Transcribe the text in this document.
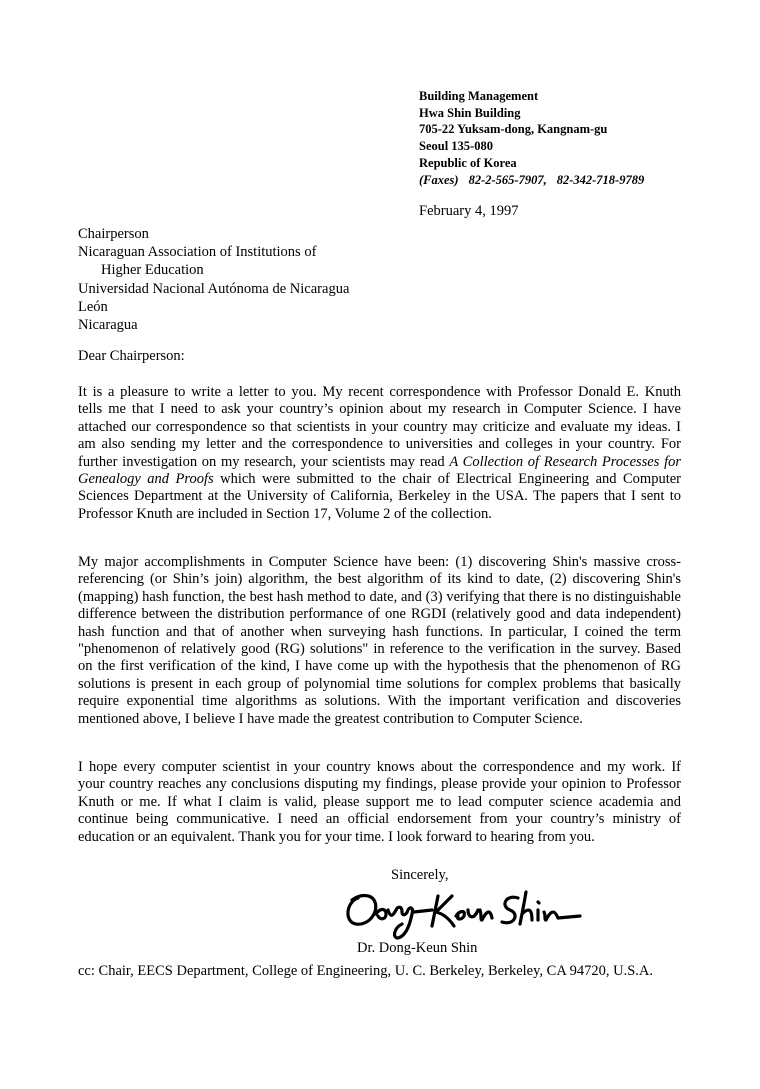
Building Management
Hwa Shin Building
705-22 Yuksam-dong, Kangnam-gu
Seoul 135-080
Republic of Korea
(Faxes) 82-2-565-7907, 82-342-718-9789
February 4, 1997
Chairperson
Nicaraguan Association of Institutions of
Higher Education
Universidad Nacional Autónoma de Nicaragua
León
Nicaragua
Dear Chairperson:
It is a pleasure to write a letter to you. My recent correspondence with Professor Donald E. Knuth
tells me that I need to ask your country’s opinion about my research in Computer Science. I have
attached our correspondence so that scientists in your country may criticize and evaluate my ideas. I
am also sending my letter and the correspondence to universities and colleges in your country. For
further investigation on my research, your scientists may read A Collection of Research Processes for
Genealogy and Proofs which were submitted to the chair of Electrical Engineering and Computer
Sciences Department at the University of California, Berkeley in the USA. The papers that I sent to
Professor Knuth are included in Section 17, Volume 2 of the collection.
My major accomplishments in Computer Science have been: (1) discovering Shin's massive cross-
referencing (or Shin’s join) algorithm, the best algorithm of its kind to date, (2) discovering Shin's
(mapping) hash function, the best hash method to date, and (3) verifying that there is no distinguishable
difference between the distribution performance of one RGDI (relatively good and data independent)
hash function and that of another when surveying hash functions. In particular, I coined the term
"phenomenon of relatively good (RG) solutions" in reference to the verification in the survey. Based
on the first verification of the kind, I have come up with the hypothesis that the phenomenon of RG
solutions is present in each group of polynomial time solutions for complex problems that basically
require exponential time algorithms as solutions. With the important verification and discoveries
mentioned above, I believe I have made the greatest contribution to Computer Science.
I hope every computer scientist in your country knows about the correspondence and my work. If
your country reaches any conclusions disputing my findings, please provide your opinion to Professor
Knuth or me. If what I claim is valid, please support me to lead computer science academia and
continue being communicative. I need an official endorsement from your country’s ministry of
education or an equivalent. Thank you for your time. I look forward to hearing from you.
Sincerely,
Dr. Dong-Keun Shin
cc: Chair, EECS Department, College of Engineering, U. C. Berkeley, Berkeley, CA 94720, U.S.A.
